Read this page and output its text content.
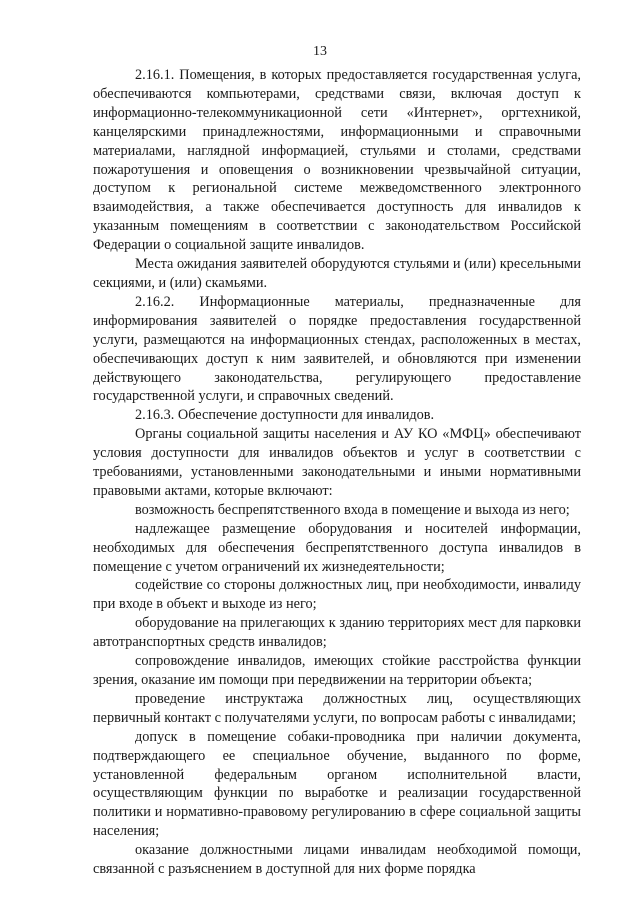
13

2.16.1. Помещения, в которых предоставляется государственная услуга, обеспечиваются компьютерами, средствами связи, включая доступ к информационно-телекоммуникационной сети «Интернет», оргтехникой, канцелярскими принадлежностями, информационными и справочными материалами, наглядной информацией, стульями и столами, средствами пожаротушения и оповещения о возникновении чрезвычайной ситуации, доступом к региональной системе межведомственного электронного взаимодействия, а также обеспечивается доступность для инвалидов к указанным помещениям в соответствии с законодательством Российской Федерации о социальной защите инвалидов.

Места ожидания заявителей оборудуются стульями и (или) кресельными секциями, и (или) скамьями.

2.16.2. Информационные материалы, предназначенные для информирования заявителей о порядке предоставления государственной услуги, размещаются на информационных стендах, расположенных в местах, обеспечивающих доступ к ним заявителей, и обновляются при изменении действующего законодательства, регулирующего предоставление государственной услуги, и справочных сведений.

2.16.3. Обеспечение доступности для инвалидов.

Органы социальной защиты населения и АУ КО «МФЦ» обеспечивают условия доступности для инвалидов объектов и услуг в соответствии с требованиями, установленными законодательными и иными нормативными правовыми актами, которые включают:

возможность беспрепятственного входа в помещение и выхода из него;

надлежащее размещение оборудования и носителей информации, необходимых для обеспечения беспрепятственного доступа инвалидов в помещение с учетом ограничений их жизнедеятельности;

содействие со стороны должностных лиц, при необходимости, инвалиду при входе в объект и выходе из него;

оборудование на прилегающих к зданию территориях мест для парковки автотранспортных средств инвалидов;

сопровождение инвалидов, имеющих стойкие расстройства функции зрения, оказание им помощи при передвижении на территории объекта;

проведение инструктажа должностных лиц, осуществляющих первичный контакт с получателями услуги, по вопросам работы с инвалидами;

допуск в помещение собаки-проводника при наличии документа, подтверждающего ее специальное обучение, выданного по форме, установленной федеральным органом исполнительной власти, осуществляющим функции по выработке и реализации государственной политики и нормативно-правовому регулированию в сфере социальной защиты населения;

оказание должностными лицами инвалидам необходимой помощи, связанной с разъяснением в доступной для них форме порядка
